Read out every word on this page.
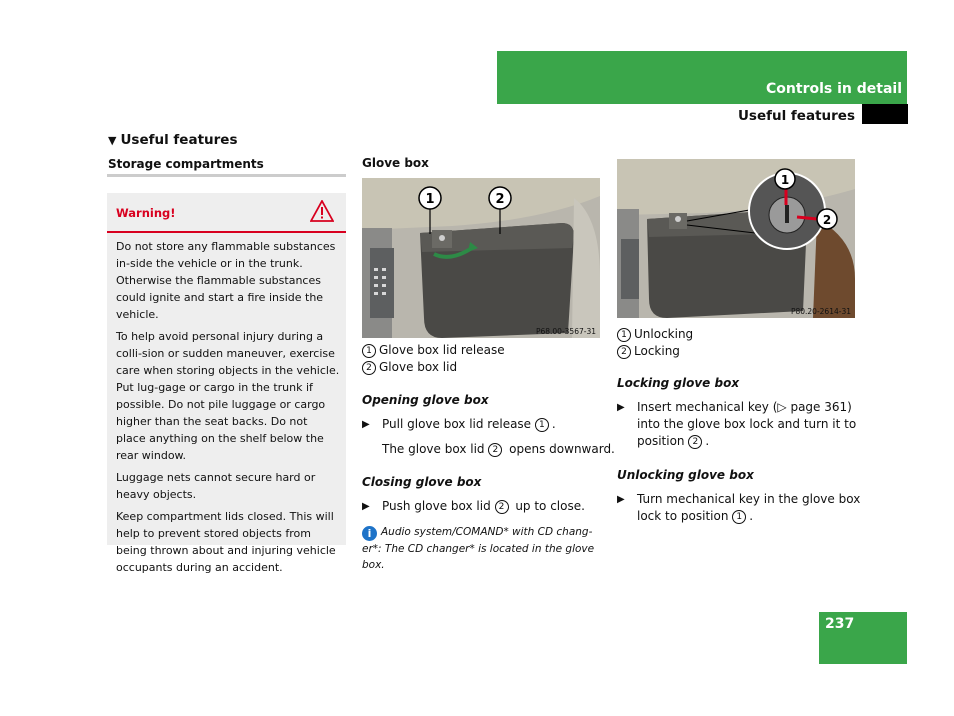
Controls in detail
Useful features
▼ Useful features
Storage compartments
Warning!

Do not store any flammable substances in-side the vehicle or in the trunk. Otherwise the flammable substances could ignite and start a fire inside the vehicle.

To help avoid personal injury during a colli-sion or sudden maneuver, exercise care when storing objects in the vehicle. Put lug-gage or cargo in the trunk if possible. Do not pile luggage or cargo higher than the seat backs. Do not place anything on the shelf below the rear window.

Luggage nets cannot secure hard or heavy objects.

Keep compartment lids closed. This will help to prevent stored objects from being thrown about and injuring vehicle occupants during an accident.

Glove box

1	2
P68.00-3567-31
1 Glove box lid release
2 Glove box lid
Opening glove box
▶ Pull glove box lid release 1 .
The glove box lid 2 opens downward.
Closing glove box
▶ Push glove box lid 2 up to close.
i Audio system/COMAND* with CD chang-
er*: The CD changer* is located in the glove box.
1
2
P80.20-2614-31
1 Unlocking
2 Locking
Locking glove box
▶ Insert mechanical key (▷ page 361)
into the glove box lock and turn it to
position 2 .
Unlocking glove box
▶ Turn mechanical key in the glove box
lock to position 1 .
237
